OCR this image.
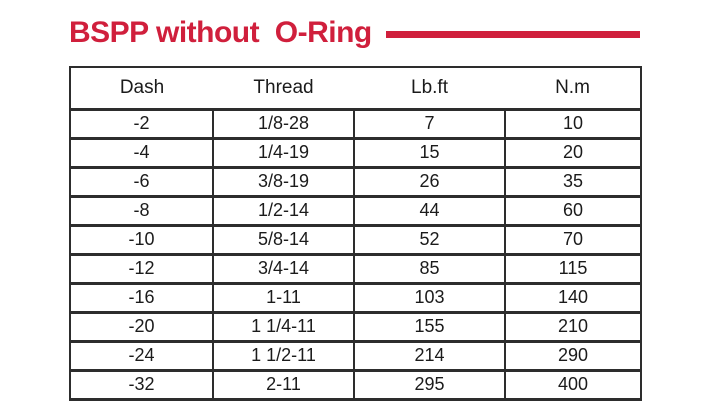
BSPP without  O-Ring
Dash	Thread	Lb.ft	N.m
-2	1/8-28	7	10
-4	1/4-19	15	20
-6	3/8-19	26	35
-8	1/2-14	44	60
-10	5/8-14	52	70
-12	3/4-14	85	115
-16	1-11	103	140
-20	1 1/4-11	155	210
-24	1 1/2-11	214	290
-32	2-11	295	400
